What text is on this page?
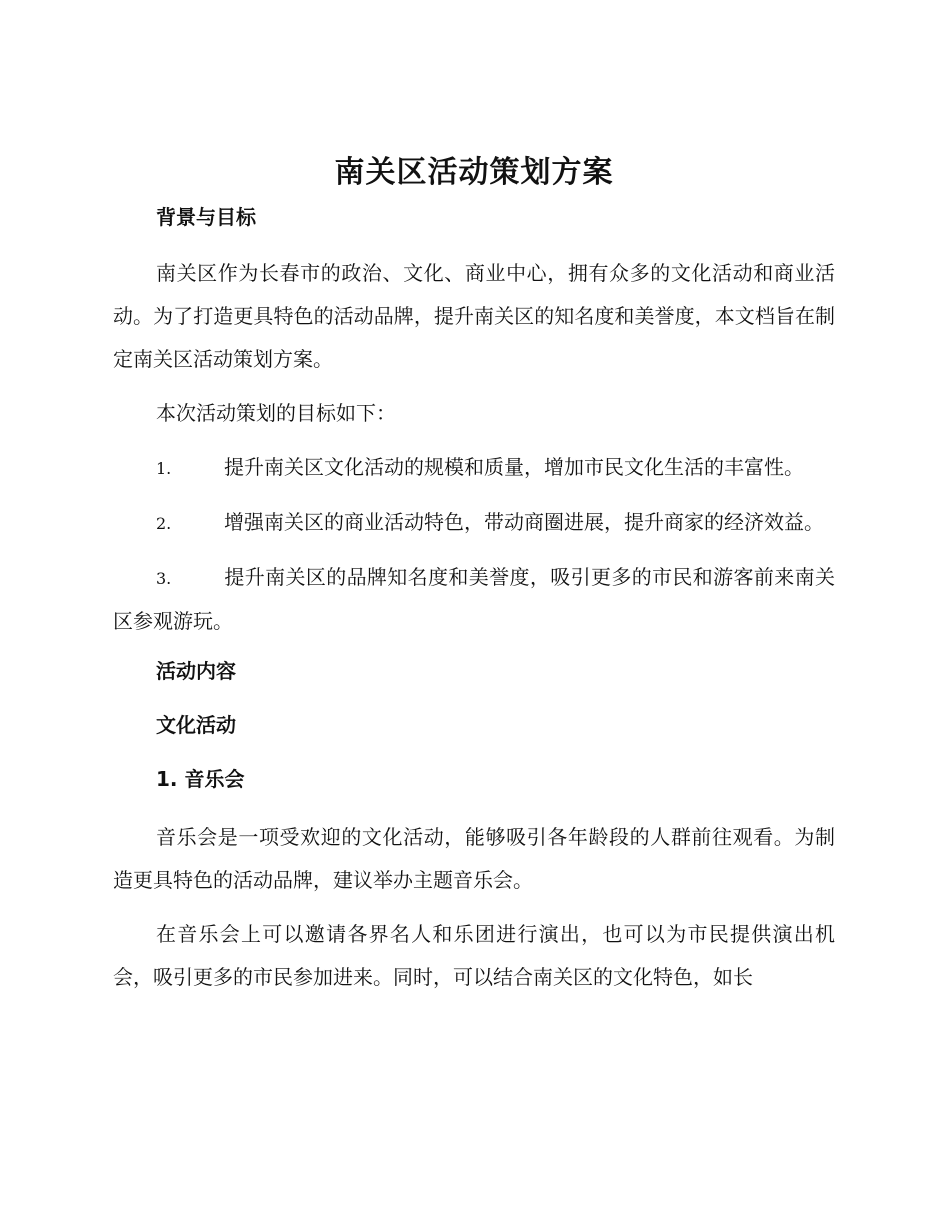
南关区活动策划方案
背景与目标

南关区作为长春市的政治、文化、商业中心，拥有众多的文化活动和商业活动。为了打造更具特色的活动品牌，提升南关区的知名度和美誉度，本文档旨在制定南关区活动策划方案。

本次活动策划的目标如下：

1.	提升南关区文化活动的规模和质量，增加市民文化生活的丰富性。

2.	增强南关区的商业活动特色，带动商圈进展，提升商家的经济效益。

3.	提升南关区的品牌知名度和美誉度，吸引更多的市民和游客前来南关区参观游玩。

活动内容
文化活动
1. 音乐会

音乐会是一项受欢迎的文化活动，能够吸引各年龄段的人群前往观看。为制造更具特色的活动品牌，建议举办主题音乐会。

在音乐会上可以邀请各界名人和乐团进行演出，也可以为市民提供演出机会，吸引更多的市民参加进来。同时，可以结合南关区的文化特色，如长
